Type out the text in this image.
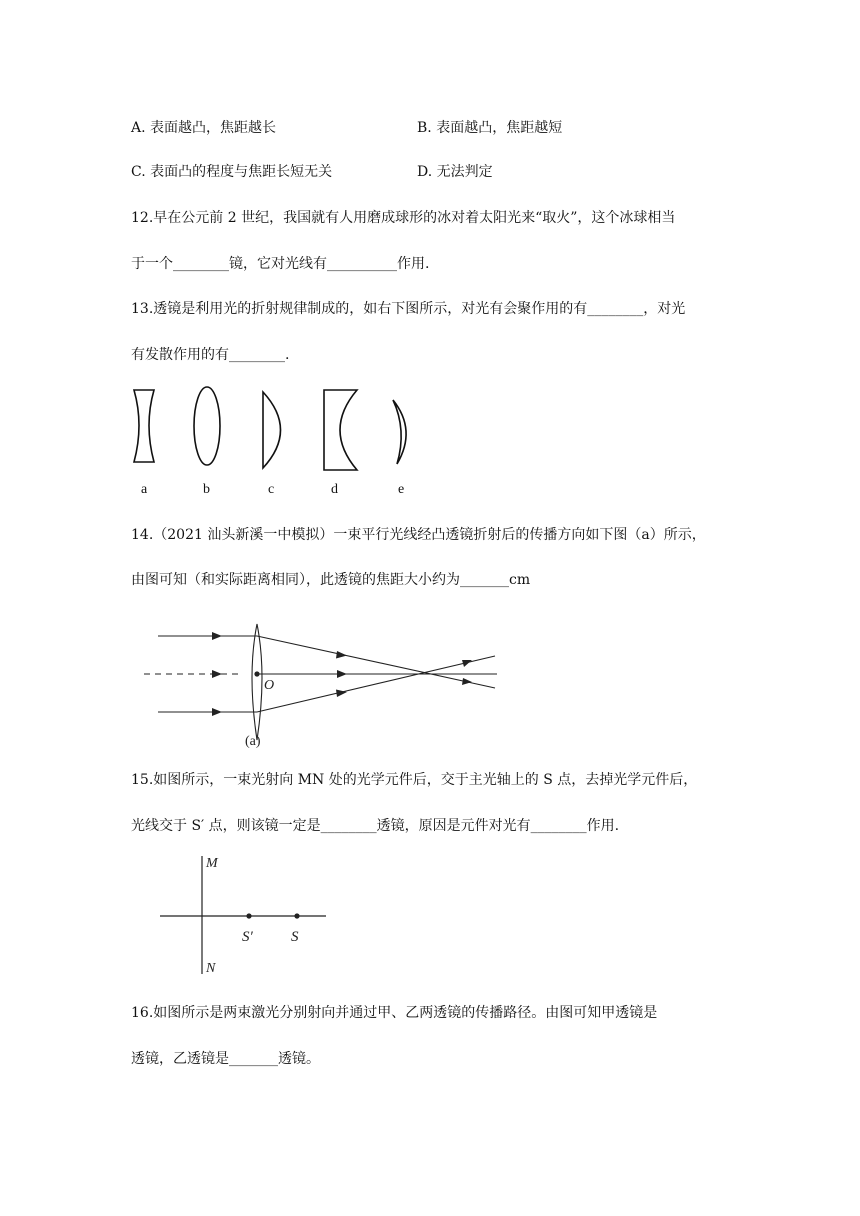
A. 表面越凸，焦距越长	B. 表面越凸，焦距越短
C. 表面凸的程度与焦距长短无关	D. 无法判定
12.早在公元前 2 世纪，我国就有人用磨成球形的冰对着太阳光来“取火”，这个冰球相当
于一个________镜，它对光线有__________作用.
13.透镜是利用光的折射规律制成的，如右下图所示，对光有会聚作用的有________，对光
有发散作用的有________.
a	b	c	d	e
14.（2021 汕头新溪一中模拟）一束平行光线经凸透镜折射后的传播方向如下图（a）所示，
由图可知（和实际距离相同），此透镜的焦距大小约为_______cm
O
(a)
15.如图所示，一束光射向 MN 处的光学元件后，交于主光轴上的 S 点，去掉光学元件后，
光线交于 S′ 点，则该镜一定是________透镜，原因是元件对光有________作用.
M
N
S′	S
16.如图所示是两束激光分别射向并通过甲、乙两透镜的传播路径。由图可知甲透镜是
透镜，乙透镜是_______透镜。
